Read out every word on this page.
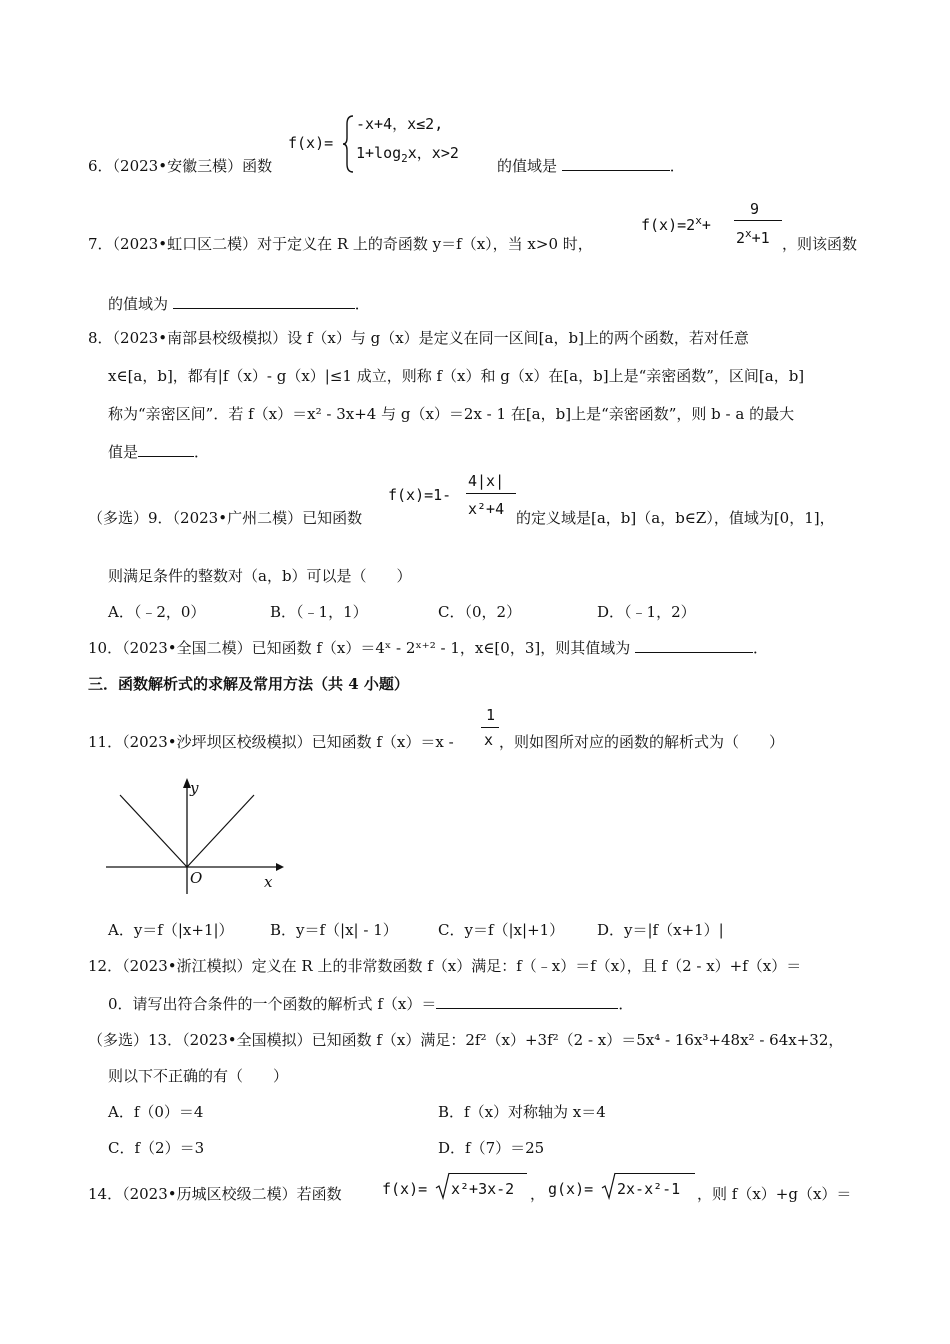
6．（2023•安徽三模）函数
f(x)=
-x+4，x≤2,
$1+\log_2x$，x>2
的值域是	．
7．（2023•虹口区二模）对于定义在 R 上的奇函数 y＝f（x），当 x>0 时，
$f(x)=2^x+$
9
$2^x+1$ ，则该函数
的值域为	．
8．（2023•南部县校级模拟）设 f（x）与 g（x）是定义在同一区间[a，b]上的两个函数，若对任意
x∈[a，b]，都有|f（x）- g（x）|≤1 成立，则称 f（x）和 g（x）在[a，b]上是“亲密函数”，区间[a，b]
称为“亲密区间”．若 f（x）＝x² - 3x+4 与 g（x）＝2x - 1 在[a，b]上是“亲密函数”，则 b - a 的最大
值是	．
（多选）9．（2023•广州二模）已知函数
f(x)=1-
4|x|
x²+4 的定义域是[a，b]（a，b∈Z），值域为[0，1]，
则满足条件的整数对（a，b）可以是（　　）
A．（﹣2，0）	B．（﹣1，1）	C．（0，2）	D．（﹣1，2）
10．（2023•全国二模）已知函数 f（x）＝4ˣ - 2ˣ⁺² - 1，x∈[0，3]，则其值域为	．
三．函数解析式的求解及常用方法（共 4 小题）
11．（2023•沙坪坝区校级模拟）已知函数 f（x）＝x -
1
x ，则如图所对应的函数的解析式为（　　）
y
x
O
A．y＝f（|x+1|） B．y＝f（|x| - 1）	C．y＝f（|x|+1） D．y＝|f（x+1）|
12．（2023•浙江模拟）定义在 R 上的非常数函数 f（x）满足：f（﹣x）＝f（x），且 f（2 - x）+f（x）＝
0．请写出符合条件的一个函数的解析式 f（x）＝	．
（多选）13．（2023•全国模拟）已知函数 f（x）满足：2f²（x）+3f²（2 - x）＝5x⁴ - 16x³+48x² - 64x+32，
则以下不正确的有（　　）
A．f（0）＝4	B．f（x）对称轴为 x＝4
C．f（2）＝3	D．f（7）＝25
14．（2023•历城区校级二模）若函数	f(x)= x²+3x-2 ， g(x)= 2x-x²-1 ，则 f（x）+g（x）＝
